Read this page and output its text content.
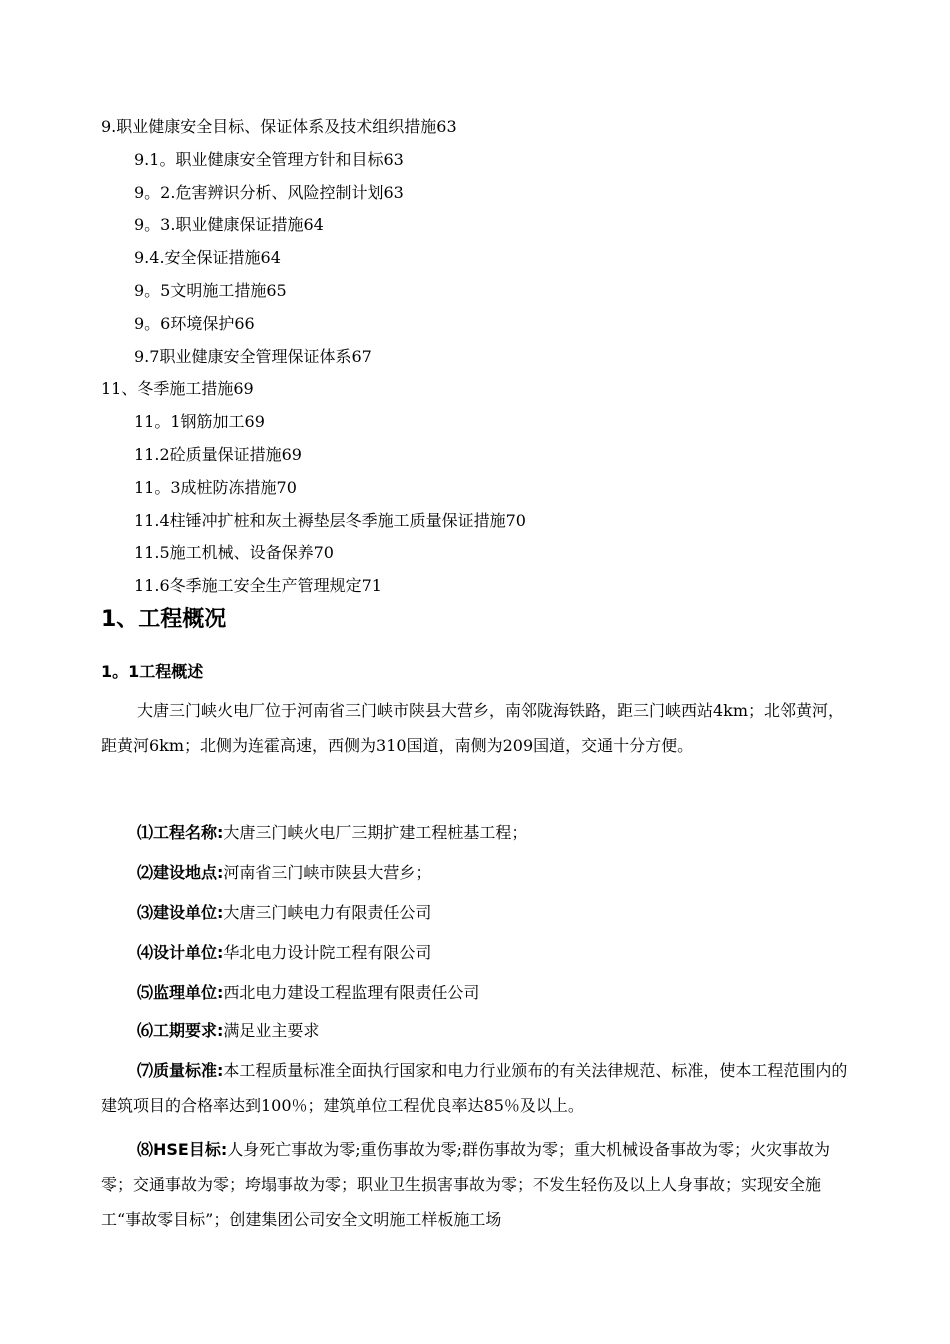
9.职业健康安全目标、保证体系及技术组织措施63
9.1。职业健康安全管理方针和目标63
9。2.危害辨识分析、风险控制计划63
9。3.职业健康保证措施64
9.4.安全保证措施64
9。5文明施工措施65
9。6环境保护66
9.7职业健康安全管理保证体系67
11、冬季施工措施69
11。1钢筋加工69
11.2砼质量保证措施69
11。3成桩防冻措施70
11.4柱锤冲扩桩和灰土褥垫层冬季施工质量保证措施70
11.5施工机械、设备保养70
11.6冬季施工安全生产管理规定71
1、工程概况
1。1工程概述
大唐三门峡火电厂位于河南省三门峡市陕县大营乡，南邻陇海铁路，距三门峡西站4km；北邻黄河，距黄河6km；北侧为连霍高速，西侧为310国道，南侧为209国道，交通十分方便。
⑴工程名称:大唐三门峡火电厂三期扩建工程桩基工程；
⑵建设地点:河南省三门峡市陕县大营乡；
⑶建设单位:大唐三门峡电力有限责任公司
⑷设计单位:华北电力设计院工程有限公司
⑸监理单位:西北电力建设工程监理有限责任公司
⑹工期要求:满足业主要求
⑺质量标准:本工程质量标准全面执行国家和电力行业颁布的有关法律规范、标准，使本工程范围内的建筑项目的合格率达到100％；建筑单位工程优良率达85％及以上。
⑻HSE目标:人身死亡事故为零;重伤事故为零;群伤事故为零；重大机械设备事故为零；火灾事故为零；交通事故为零；垮塌事故为零；职业卫生损害事故为零；不发生轻伤及以上人身事故；实现安全施工“事故零目标”；创建集团公司安全文明施工样板施工场
